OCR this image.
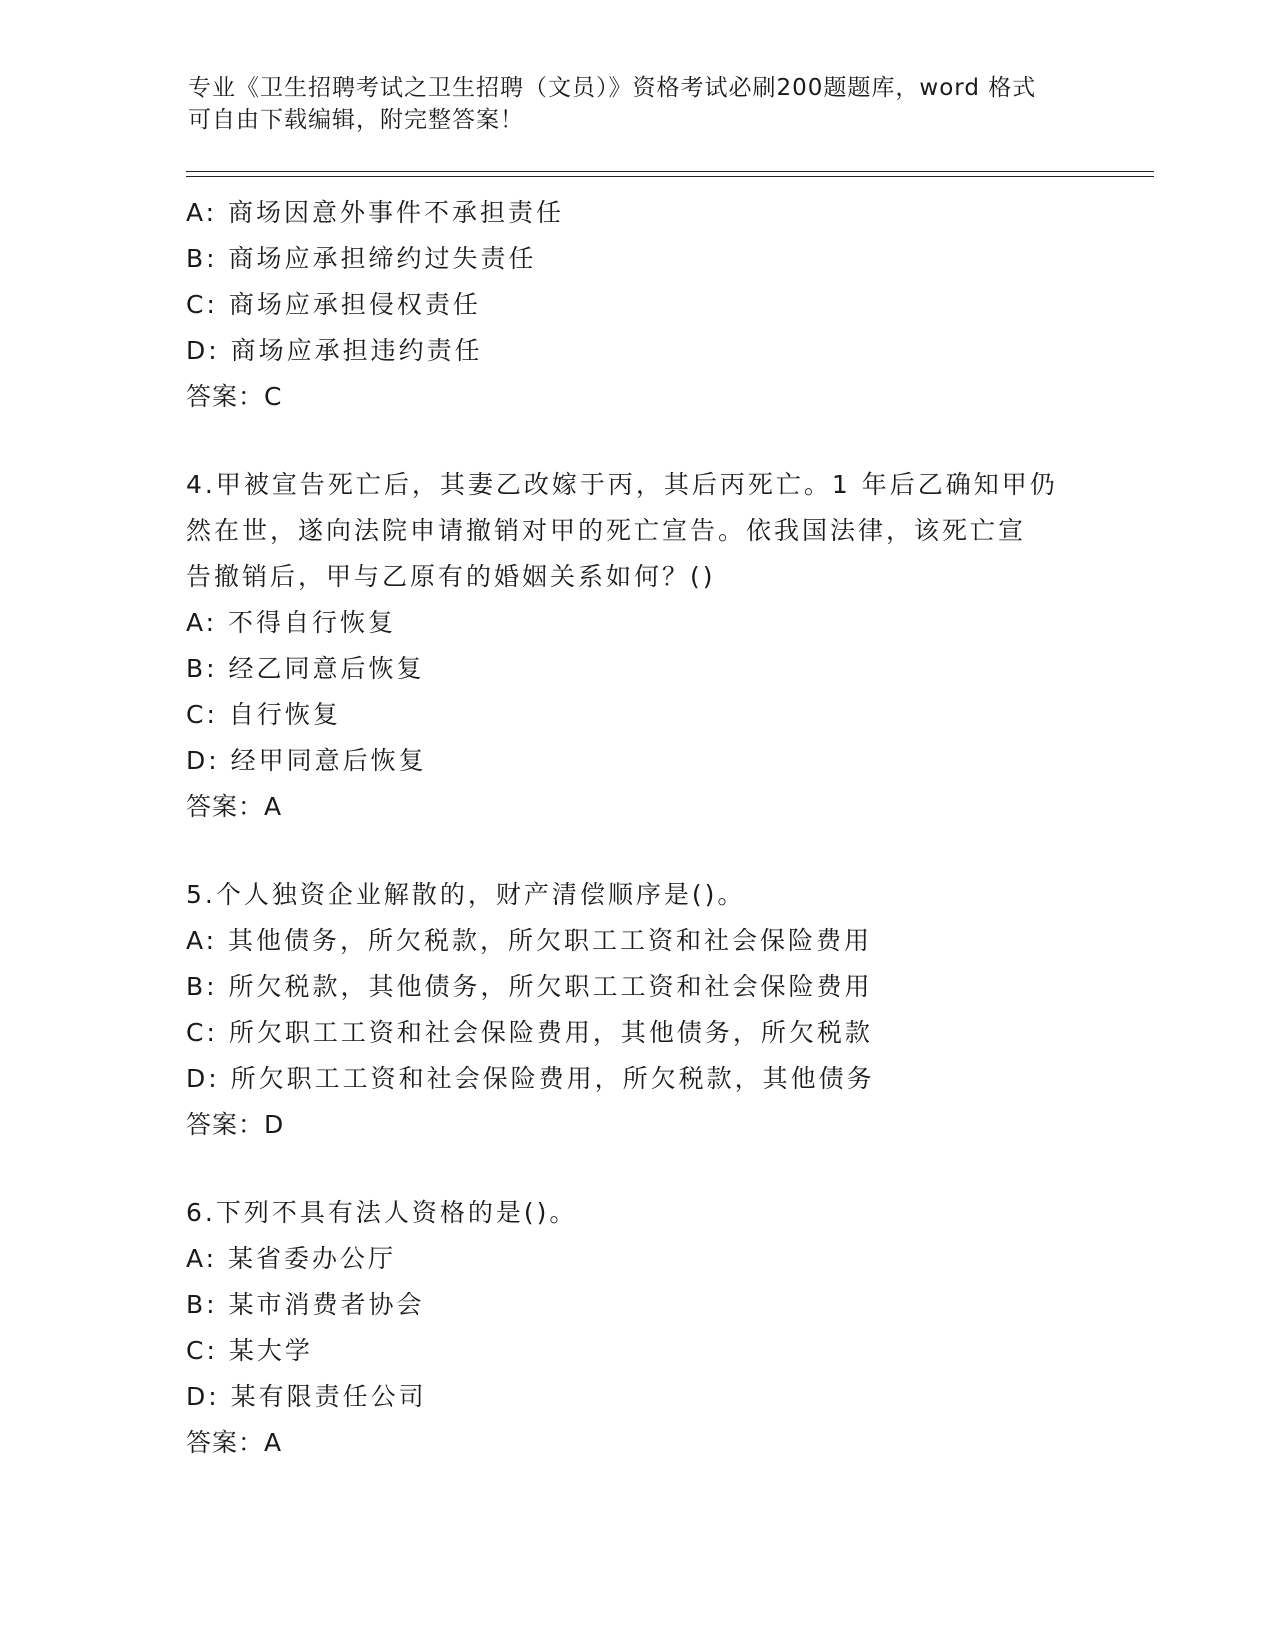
专业《卫生招聘考试之卫生招聘（文员）》资格考试必刷200题题库，word 格式
可自由下载编辑，附完整答案！
A: 商场因意外事件不承担责任
B: 商场应承担缔约过失责任
C: 商场应承担侵权责任
D: 商场应承担违约责任
答案：C
4.甲被宣告死亡后，其妻乙改嫁于丙，其后丙死亡。1 年后乙确知甲仍
然在世，遂向法院申请撤销对甲的死亡宣告。依我国法律，该死亡宣
告撤销后，甲与乙原有的婚姻关系如何？()
A: 不得自行恢复
B: 经乙同意后恢复
C: 自行恢复
D: 经甲同意后恢复
答案：A
5.个人独资企业解散的，财产清偿顺序是()。
A: 其他债务，所欠税款，所欠职工工资和社会保险费用
B: 所欠税款，其他债务，所欠职工工资和社会保险费用
C: 所欠职工工资和社会保险费用，其他债务，所欠税款
D: 所欠职工工资和社会保险费用，所欠税款，其他债务
答案：D
6.下列不具有法人资格的是()。
A: 某省委办公厅
B: 某市消费者协会
C: 某大学
D: 某有限责任公司
答案：A
